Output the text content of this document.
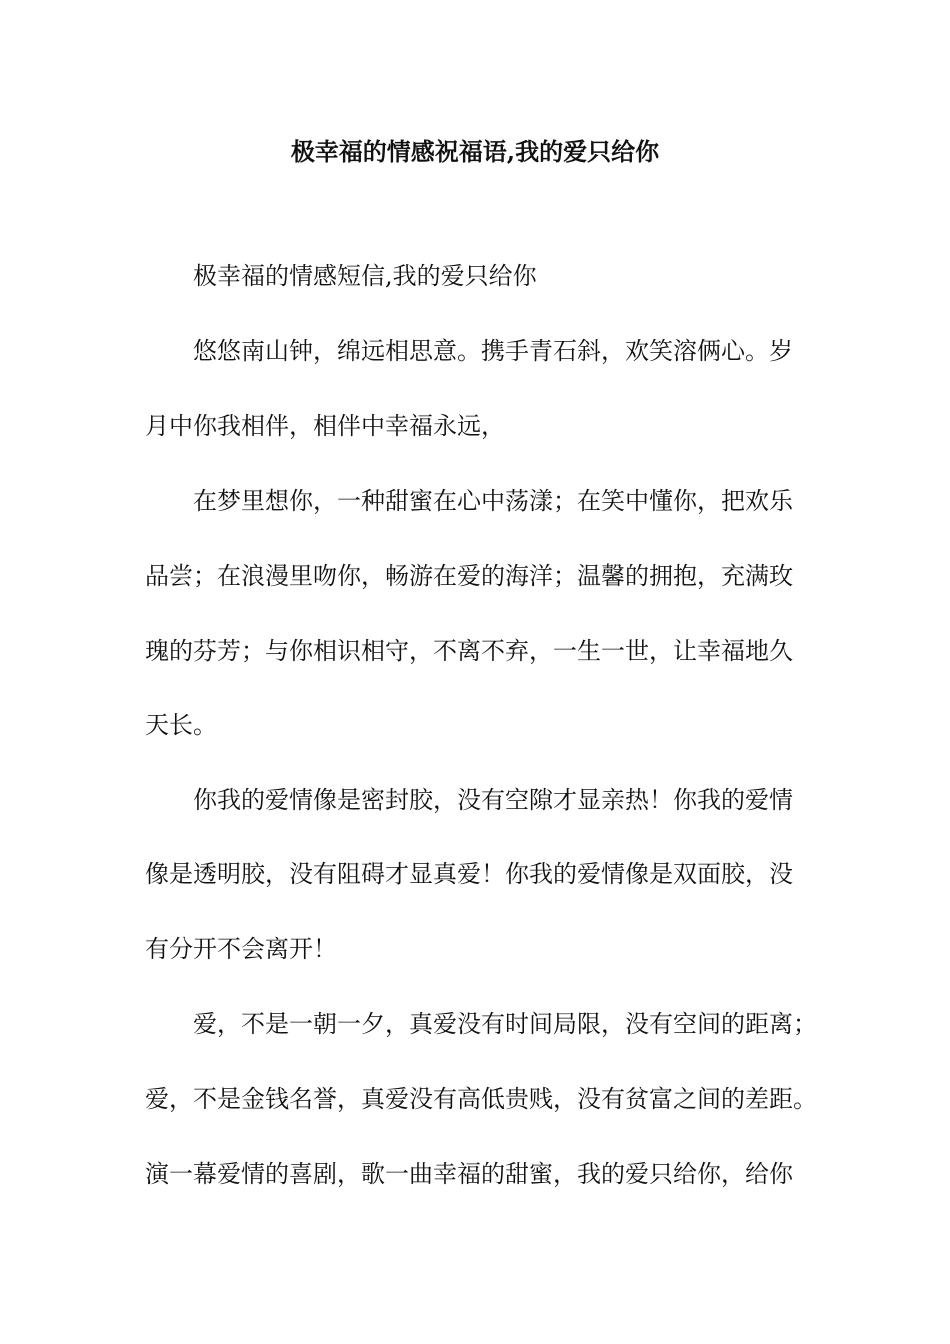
极幸福的情感祝福语,我的爱只给你
极幸福的情感短信,我的爱只给你
悠悠南山钟，绵远相思意。携手青石斜，欢笑溶俩心。岁
月中你我相伴，相伴中幸福永远，
在梦里想你，一种甜蜜在心中荡漾；在笑中懂你，把欢乐
品尝；在浪漫里吻你，畅游在爱的海洋；温馨的拥抱，充满玫
瑰的芬芳；与你相识相守，不离不弃，一生一世，让幸福地久
天长。
你我的爱情像是密封胶，没有空隙才显亲热！你我的爱情
像是透明胶，没有阻碍才显真爱！你我的爱情像是双面胶，没
有分开不会离开！
爱，不是一朝一夕，真爱没有时间局限，没有空间的距离；
爱，不是金钱名誉，真爱没有高低贵贱，没有贫富之间的差距。
演一幕爱情的喜剧，歌一曲幸福的甜蜜，我的爱只给你，给你
